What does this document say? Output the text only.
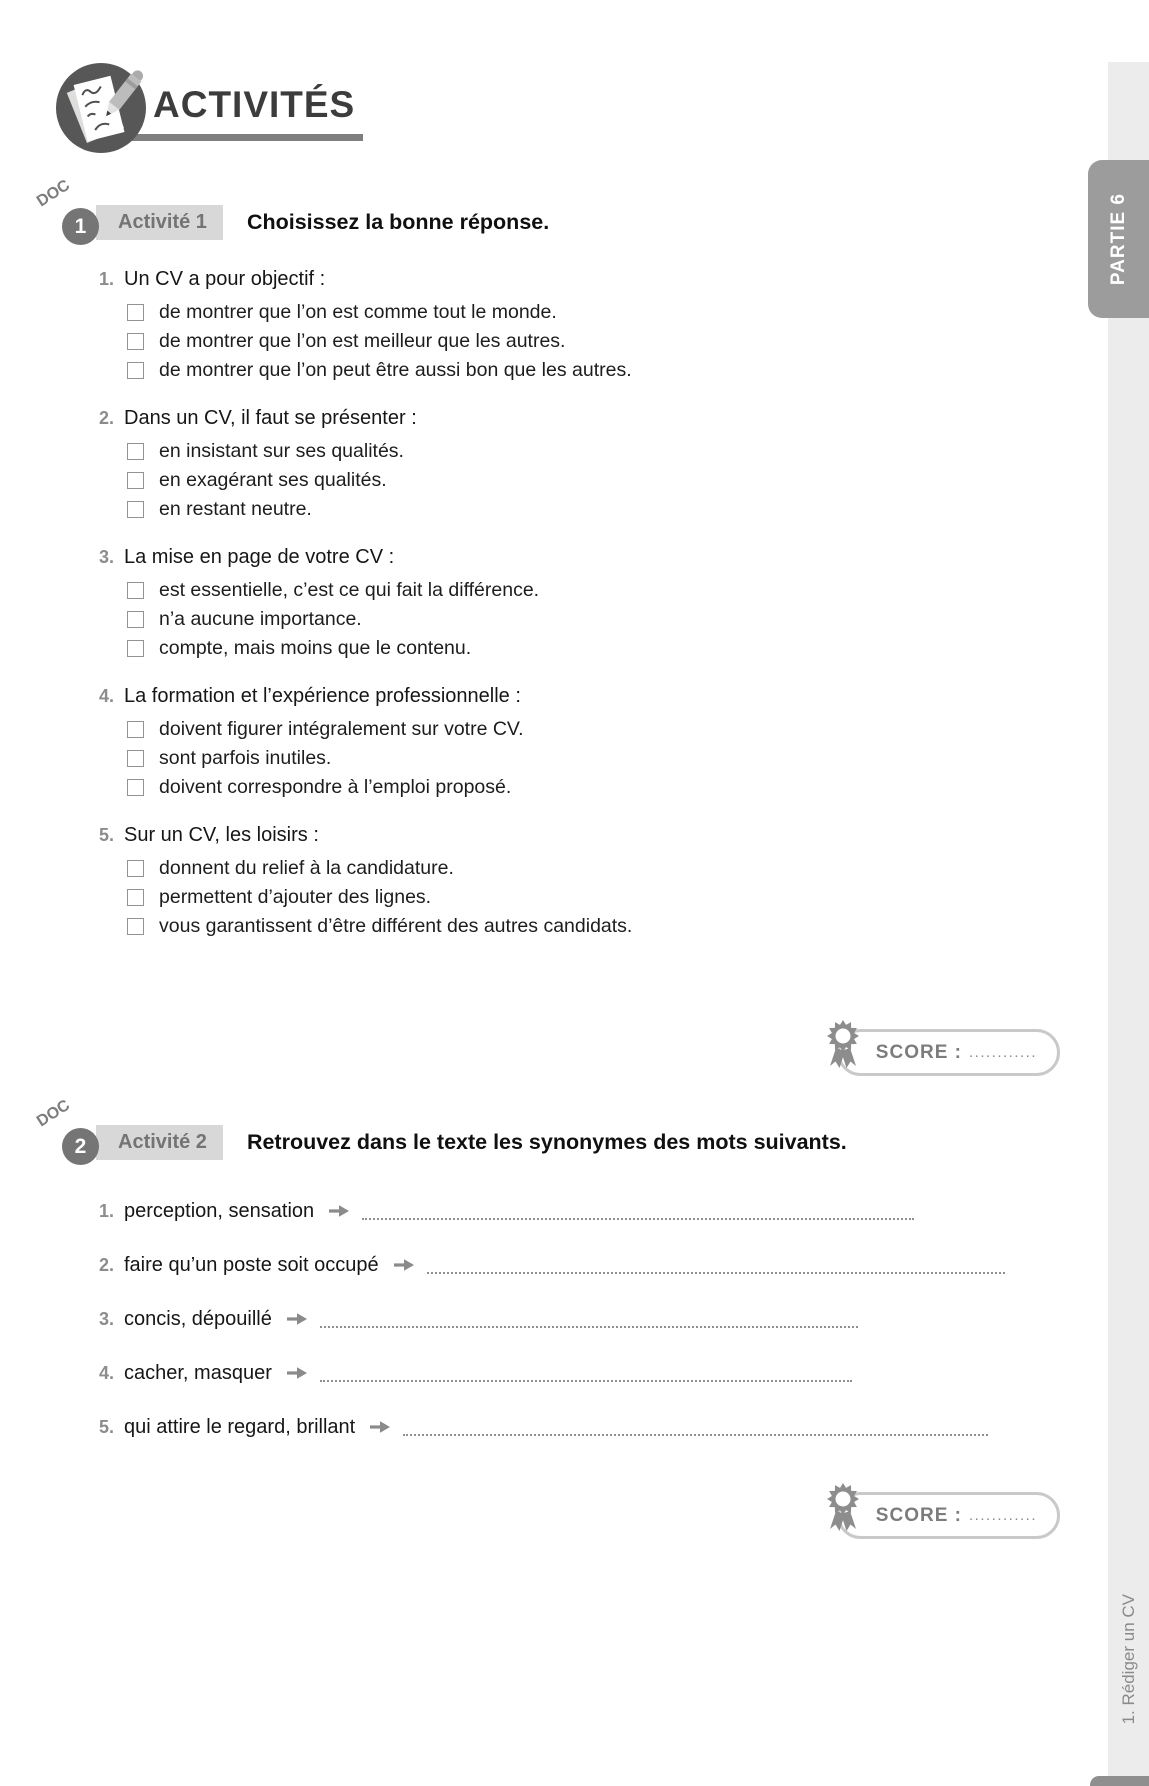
PARTIE 6
1. Rédiger un CV
ACTIVITÉS
DOC
1	Activité 1	Choisissez la bonne réponse.
1. Un CV a pour objectif :
de montrer que l’on est comme tout le monde.
de montrer que l’on est meilleur que les autres.
de montrer que l’on peut être aussi bon que les autres.
2. Dans un CV, il faut se présenter :
en insistant sur ses qualités.
en exagérant ses qualités.
en restant neutre.
3. La mise en page de votre CV :
est essentielle, c’est ce qui fait la différence.
n’a aucune importance.
compte, mais moins que le contenu.
4. La formation et l’expérience professionnelle :
doivent figurer intégralement sur votre CV.
sont parfois inutiles.
doivent correspondre à l’emploi proposé.
5. Sur un CV, les loisirs :
donnent du relief à la candidature.
permettent d’ajouter des lignes.
vous garantissent d’être différent des autres candidats.
SCORE : ............
DOC
2	Activité 2	Retrouvez dans le texte les synonymes des mots suivants.
1. perception, sensation
2. faire qu’un poste soit occupé
3. concis, dépouillé
4. cacher, masquer
5. qui attire le regard, brillant
SCORE : ............
